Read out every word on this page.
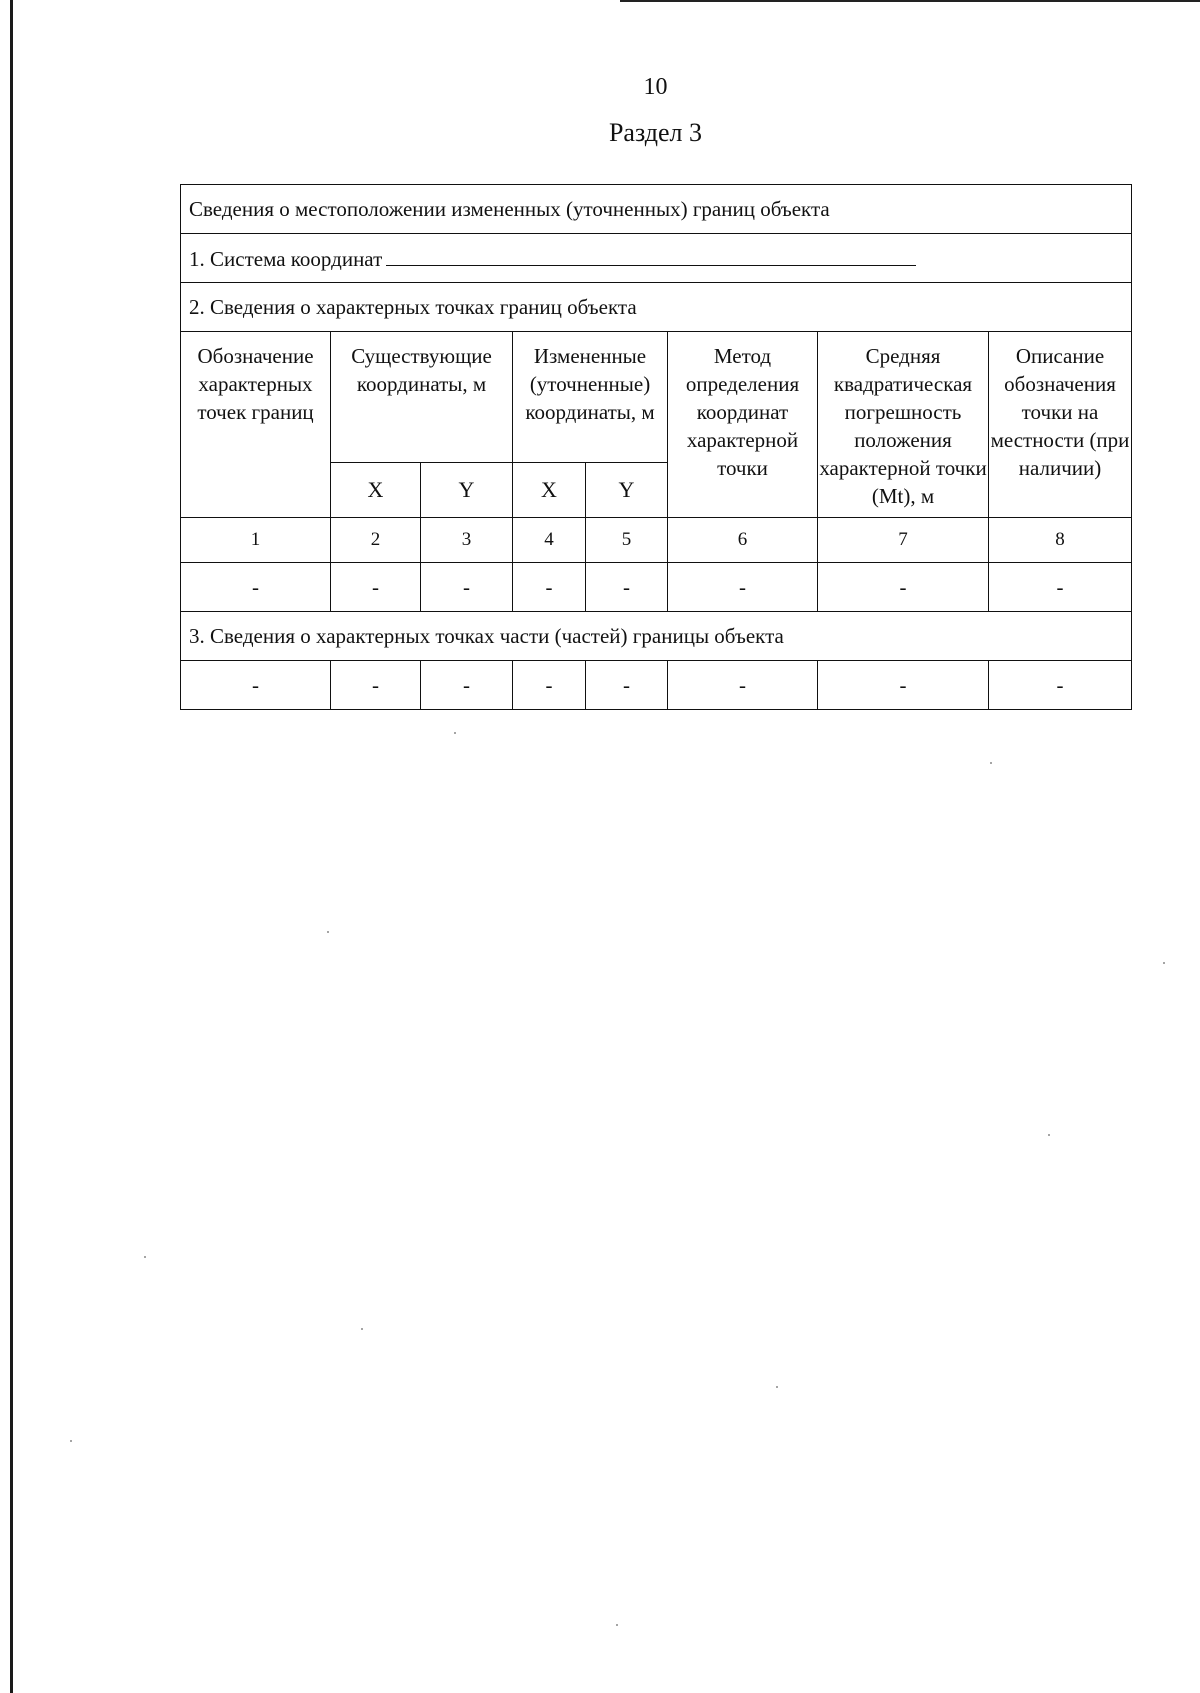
10
Раздел 3
Сведения о местоположении измененных (уточненных) границ объекта							
1. Система координат							
2. Сведения о характерных точках границ объекта							
Обозначение характерных точек границ	Существующие координаты, м		Измененные (уточненные) координаты, м		Метод определения координат характерной точки	Средняя квадратическая погрешность положения характерной точки (Mt), м	Описание обозначения точки на местности (при наличии)
	X	Y	X	Y			
1	2	3	4	5	6	7	8
-	-	-	-	-	-	-	-
3. Сведения о характерных точках части (частей) границы объекта							
-	-	-	-	-	-	-	-
